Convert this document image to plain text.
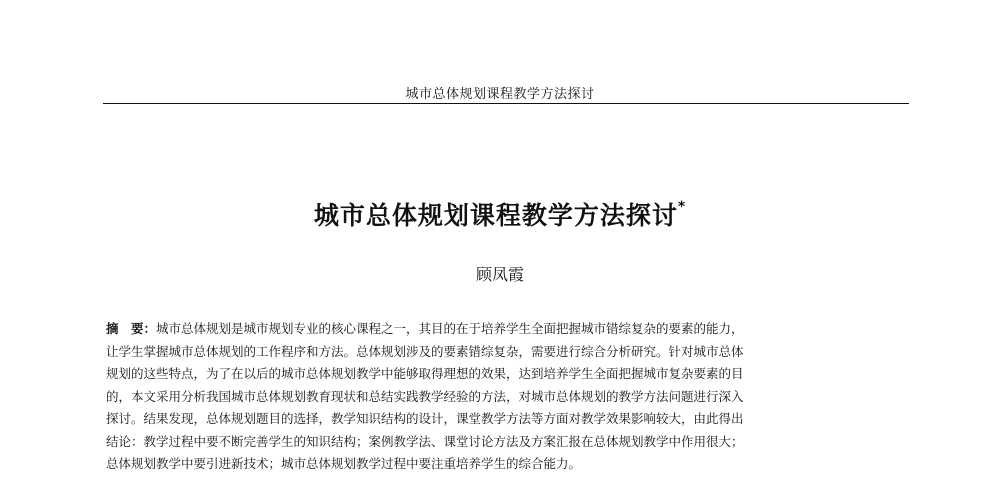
城市总体规划课程教学方法探讨
城市总体规划课程教学方法探讨*
顾凤霞
摘　要：城市总体规划是城市规划专业的核心课程之一，其目的在于培养学生全面把握城市错综复杂的要素的能力，
让学生掌握城市总体规划的工作程序和方法。总体规划涉及的要素错综复杂，需要进行综合分析研究。针对城市总体
规划的这些特点，为了在以后的城市总体规划教学中能够取得理想的效果，达到培养学生全面把握城市复杂要素的目
的，本文采用分析我国城市总体规划教育现状和总结实践教学经验的方法，对城市总体规划的教学方法问题进行深入
探讨。结果发现，总体规划题目的选择，教学知识结构的设计，课堂教学方法等方面对教学效果影响较大，由此得出
结论：教学过程中要不断完善学生的知识结构；案例教学法、课堂讨论方法及方案汇报在总体规划教学中作用很大；
总体规划教学中要引进新技术；城市总体规划教学过程中要注重培养学生的综合能力。
